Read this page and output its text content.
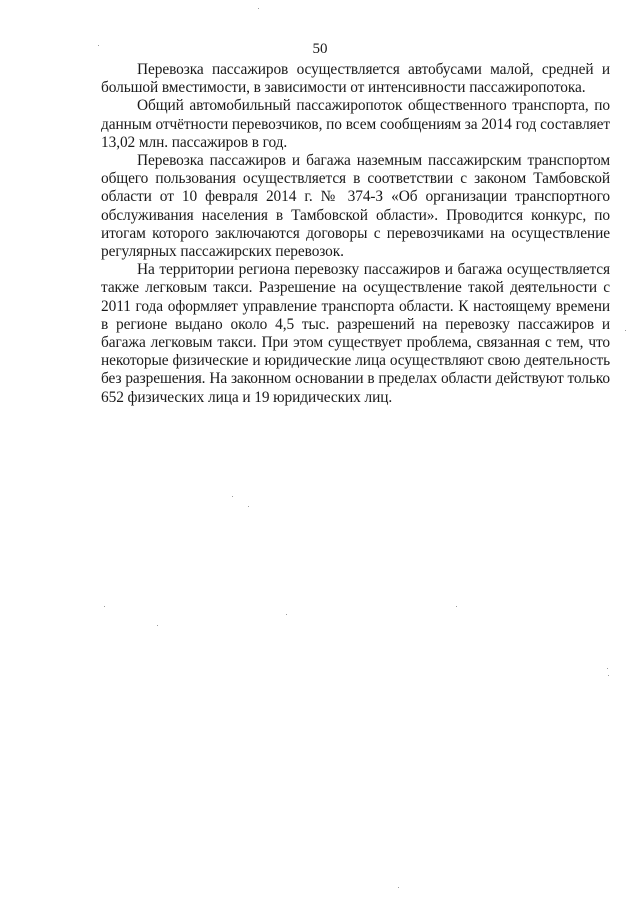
50

Перевозка пассажиров осуществляется автобусами малой, средней и большой вместимости, в зависимости от интенсивности пассажиропотока.

Общий автомобильный пассажиропоток общественного транспорта, по данным отчётности перевозчиков, по всем сообщениям за 2014 год составляет 13,02 млн. пассажиров в год.

Перевозка пассажиров и багажа наземным пассажирским транспортом общего пользования осуществляется в соответствии с законом Тамбовской области от 10 февраля 2014 г. № 374-З «Об организации транспортного обслуживания населения в Тамбовской области». Проводится конкурс, по итогам которого заключаются договоры с перевозчиками на осуществление регулярных пассажирских перевозок.

На территории региона перевозку пассажиров и багажа осуществляется также легковым такси. Разрешение на осуществление такой деятельности с 2011 года оформляет управление транспорта области. К настоящему времени в регионе выдано около 4,5 тыс. разрешений на перевозку пассажиров и багажа легковым такси. При этом существует проблема, связанная с тем, что некоторые физические и юридические лица осуществляют свою деятельность без разрешения. На законном основании в пределах области действуют только 652 физических лица и 19 юридических лиц.
